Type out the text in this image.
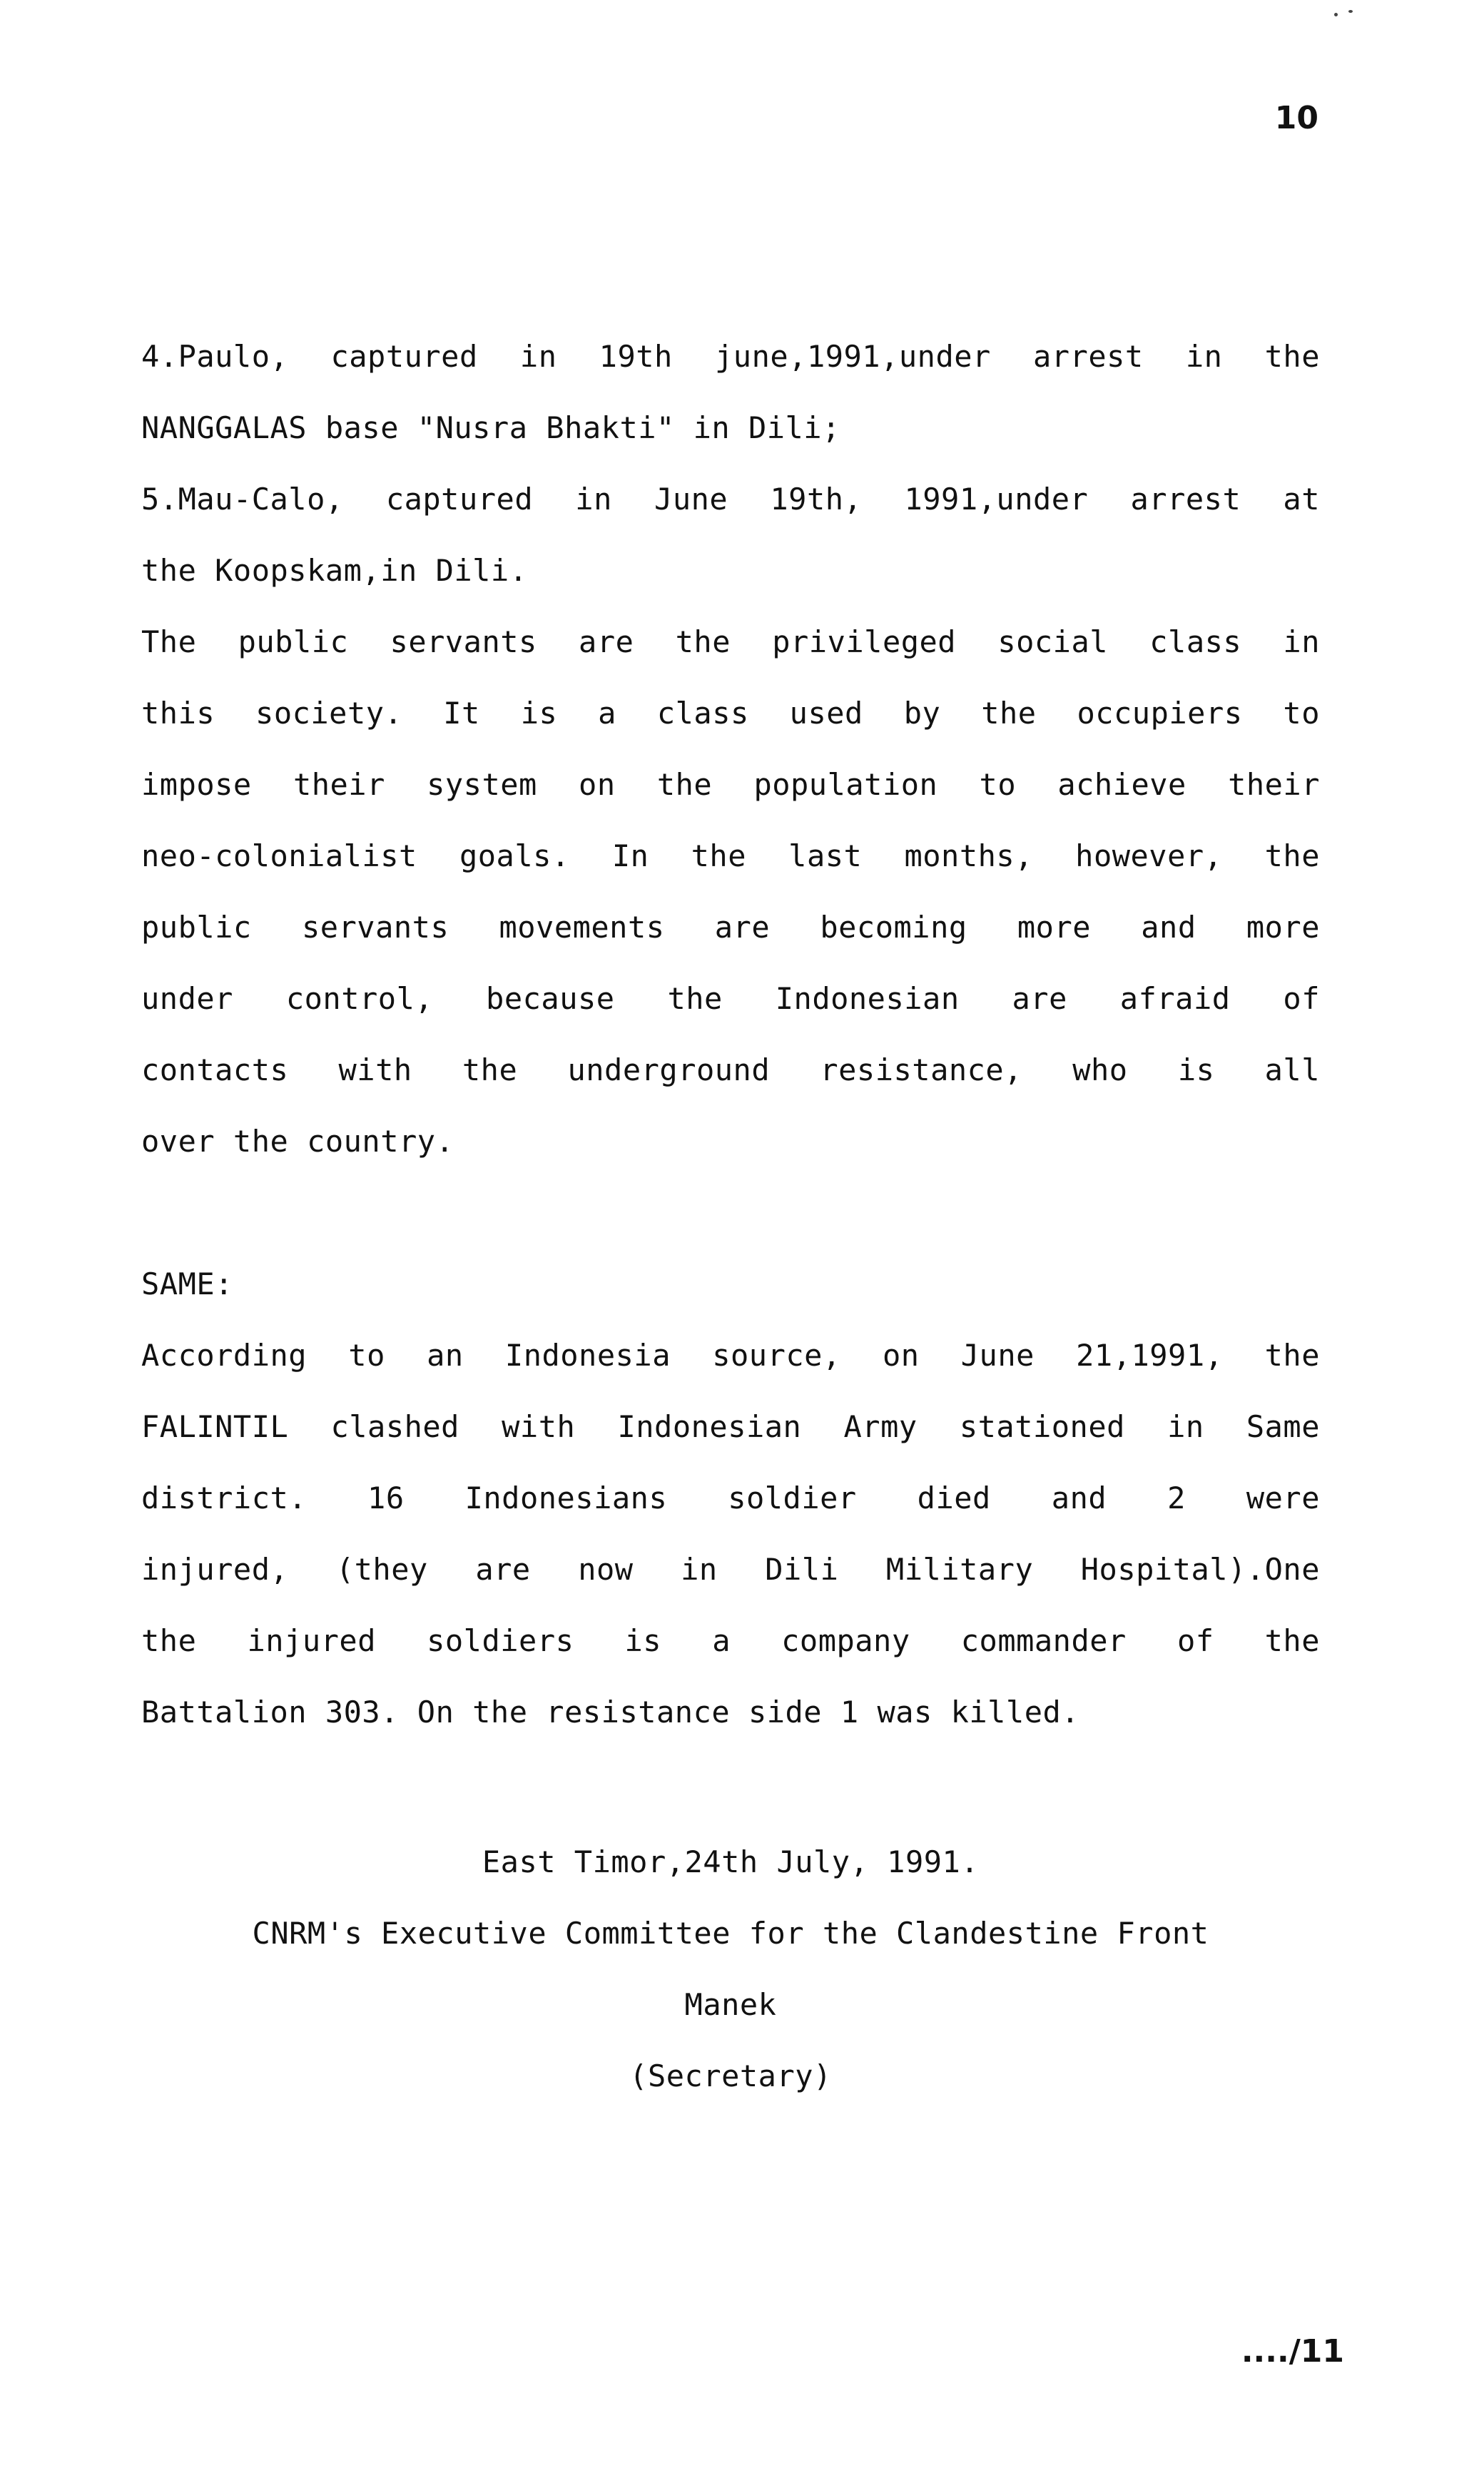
10
4.Paulo, captured in 19th june,1991,under arrest in the
NANGGALAS base "Nusra Bhakti" in Dili;
5.Mau-Calo, captured in June 19th, 1991,under arrest at
the Koopskam,in Dili.
The public servants are the privileged social class in
this society. It is a class used by the occupiers to
impose their system on the population to achieve their
neo-colonialist goals. In the last months, however, the
public servants movements are becoming more and more
under control, because the Indonesian are afraid of
contacts with the underground resistance, who is all
over the country.
SAME:
According to an Indonesia source, on June 21,1991, the
FALINTIL clashed with Indonesian Army stationed in Same
district. 16 Indonesians soldier died and 2 were
injured, (they are now in Dili Military Hospital).One
the injured soldiers is a company commander of the
Battalion 303. On the resistance side 1 was killed.
East Timor,24th July, 1991.
CNRM's Executive Committee for the Clandestine Front
Manek
(Secretary)
..../11
